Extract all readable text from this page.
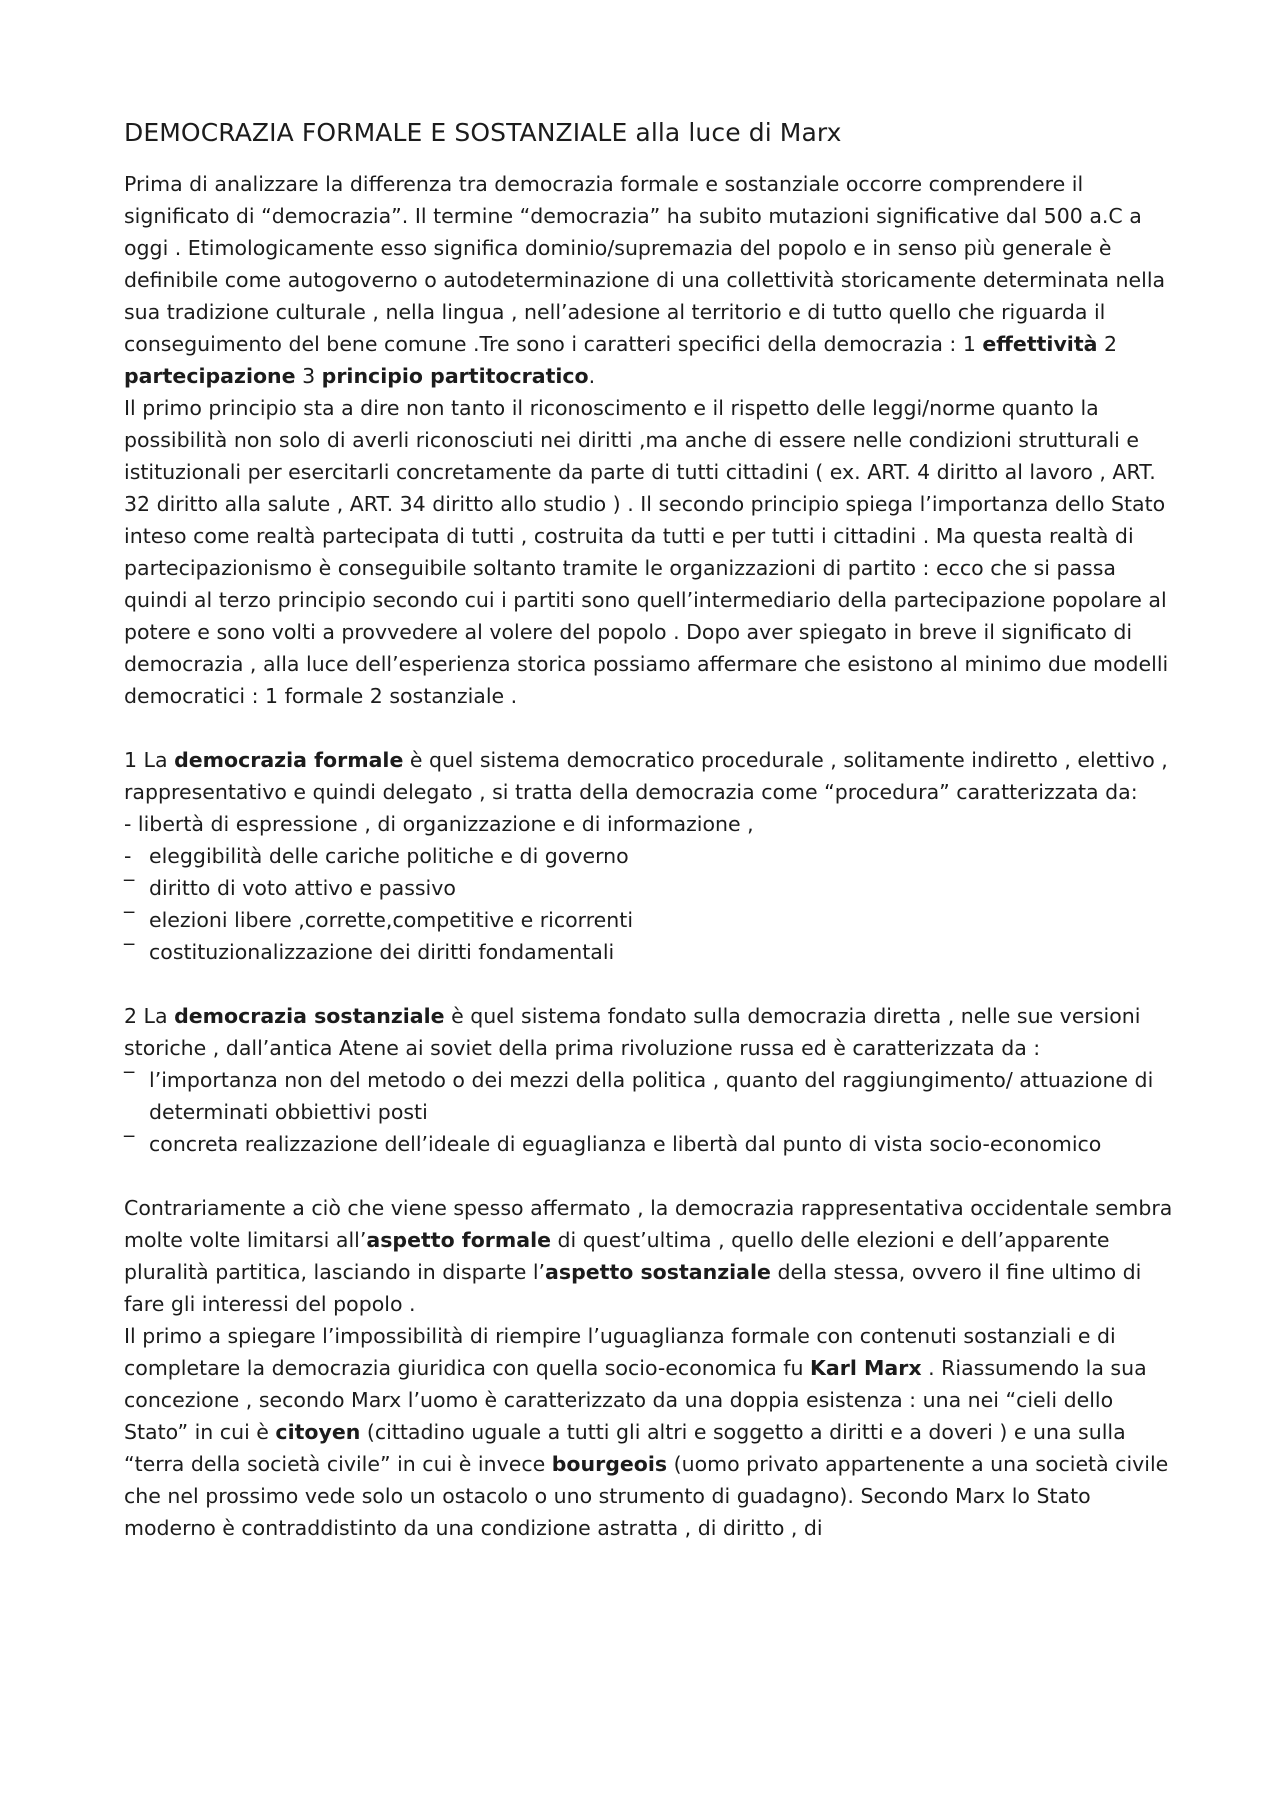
DEMOCRAZIA FORMALE E SOSTANZIALE alla luce di Marx

Prima di analizzare la differenza tra democrazia formale e sostanziale occorre comprendere il significato di “democrazia”. Il termine “democrazia” ha subito mutazioni significative dal 500 a.C a oggi . Etimologicamente esso significa dominio/supremazia del popolo e in senso più generale è definibile come autogoverno o autodeterminazione di una collettività storicamente determinata nella sua tradizione culturale , nella lingua , nell’adesione al territorio e di tutto quello che riguarda il conseguimento del bene comune .Tre sono i caratteri specifici della democrazia : 1 effettività 2 partecipazione 3 principio partitocratico.

Il primo principio sta a dire non tanto il riconoscimento e il rispetto delle leggi/norme quanto la possibilità non solo di averli riconosciuti nei diritti ,ma anche di essere nelle condizioni strutturali e istituzionali per esercitarli concretamente da parte di tutti cittadini ( ex. ART. 4 diritto al lavoro , ART. 32 diritto alla salute , ART. 34 diritto allo studio ) . Il secondo principio spiega l’importanza dello Stato inteso come realtà partecipata di tutti , costruita da tutti e per tutti i cittadini . Ma questa realtà di partecipazionismo è conseguibile soltanto tramite le organizzazioni di partito : ecco che si passa quindi al terzo principio secondo cui i partiti sono quell’intermediario della partecipazione popolare al potere e sono volti a provvedere al volere del popolo . Dopo aver spiegato in breve il significato di democrazia , alla luce dell’esperienza storica possiamo affermare che esistono al minimo due modelli democratici : 1 formale 2 sostanziale .

1 La democrazia formale è quel sistema democratico procedurale , solitamente indiretto , elettivo , rappresentativo e quindi delegato , si tratta della democrazia come “procedura” caratterizzata da:

- libertà di espressione , di organizzazione e di informazione ,
- eleggibilità delle cariche politiche e di governo
‾ diritto di voto attivo e passivo
‾ elezioni libere ,corrette,competitive e ricorrenti
‾ costituzionalizzazione dei diritti fondamentali

2 La democrazia sostanziale è quel sistema fondato sulla democrazia diretta , nelle sue versioni storiche , dall’antica Atene ai soviet della prima rivoluzione russa ed è caratterizzata da :

‾ l’importanza non del metodo o dei mezzi della politica , quanto del raggiungimento/ attuazione di determinati obbiettivi posti
‾ concreta realizzazione dell’ideale di eguaglianza e libertà dal punto di vista socio-economico

Contrariamente a ciò che viene spesso affermato , la democrazia rappresentativa occidentale sembra molte volte limitarsi all’aspetto formale di quest’ultima , quello delle elezioni e dell’apparente pluralità partitica, lasciando in disparte l’aspetto sostanziale della stessa, ovvero il fine ultimo di fare gli interessi del popolo .

Il primo a spiegare l’impossibilità di riempire l’uguaglianza formale con contenuti sostanziali e di completare la democrazia giuridica con quella socio-economica fu Karl Marx . Riassumendo la sua concezione , secondo Marx l’uomo è caratterizzato da una doppia esistenza : una nei “cieli dello Stato” in cui è citoyen (cittadino uguale a tutti gli altri e soggetto a diritti e a doveri ) e una sulla “terra della società civile” in cui è invece bourgeois (uomo privato appartenente a una società civile che nel prossimo vede solo un ostacolo o uno strumento di guadagno). Secondo Marx lo Stato moderno è contraddistinto da una condizione astratta , di diritto , di
